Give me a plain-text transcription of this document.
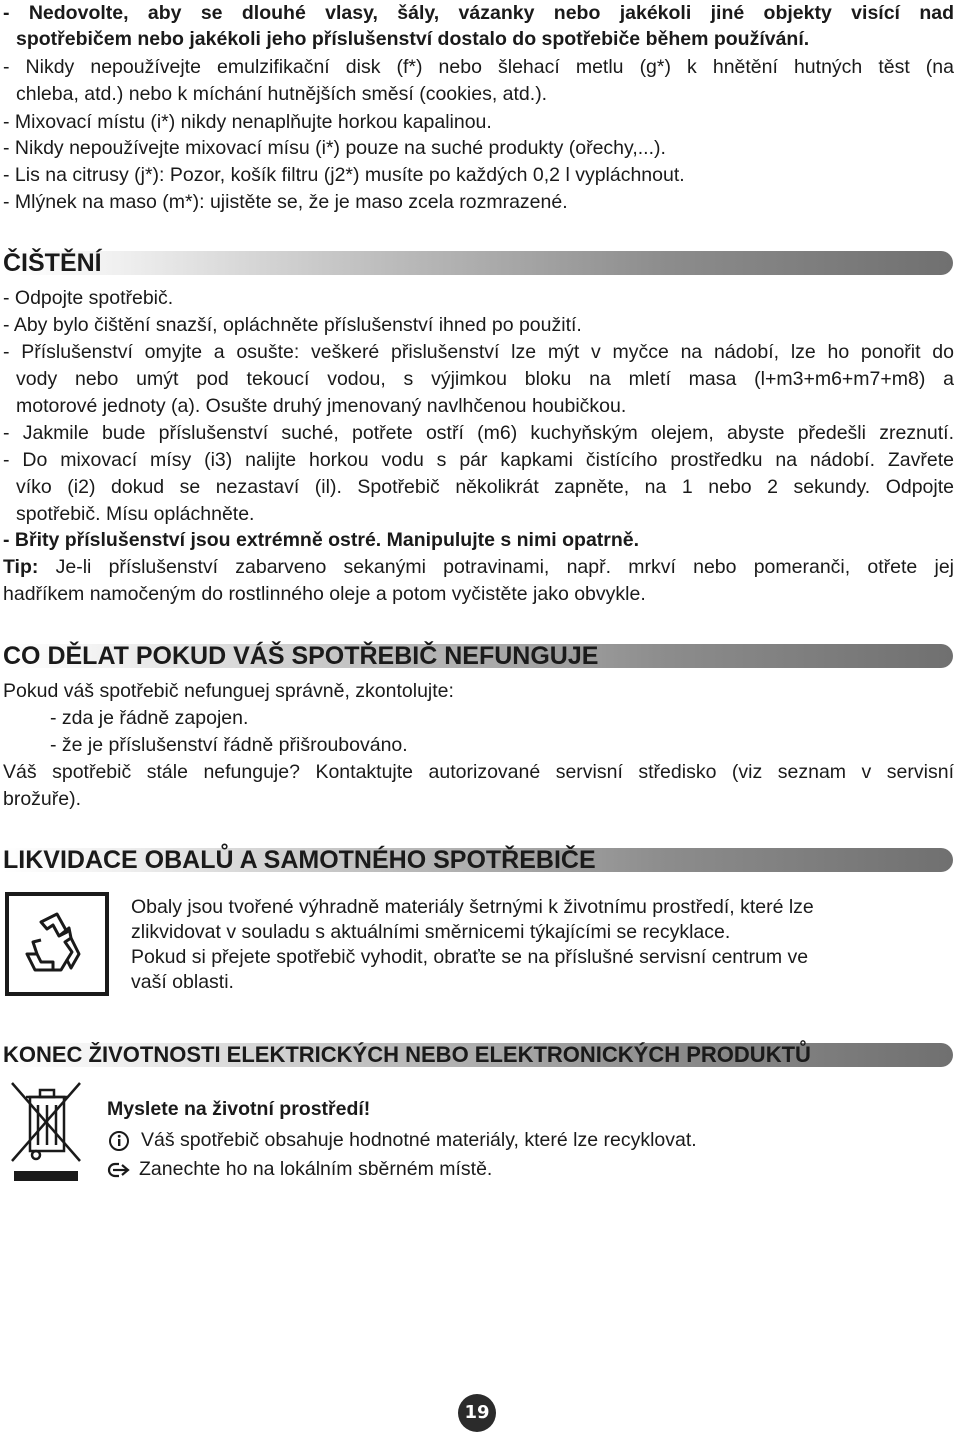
- Nedovolte, aby se dlouhé vlasy, šály, vázanky nebo jakékoli jiné objekty visící nad
spotřebičem nebo jakékoli jeho příslušenství dostalo do spotřebiče během používání.
- Nikdy nepoužívejte emulzifikační disk (f*) nebo šlehací metlu (g*) k hnětění hutných těst (na
chleba, atd.) nebo k míchání hutnějších směsí (cookies, atd.).
- Mixovací místu (i*) nikdy nenaplňujte horkou kapalinou.
- Nikdy nepoužívejte mixovací mísu (i*) pouze na suché produkty (ořechy,...).
- Lis na citrusy (j*): Pozor, košík filtru (j2*) musíte po každých 0,2 l vypláchnout.
- Mlýnek na maso (m*): ujistěte se, že je maso zcela rozmrazené.
ČIŠTĚNÍ
- Odpojte spotřebič.
- Aby bylo čištění snazší, opláchněte příslušenství ihned po použití.
- Příslušenství omyjte a osušte: veškeré přislušenství lze mýt v myčce na nádobí, lze ho ponořit do
vody nebo umýt pod tekoucí vodou, s výjimkou bloku na mletí masa (l+m3+m6+m7+m8) a
motorové jednoty (a). Osušte druhý jmenovaný navlhčenou houbičkou.
- Jakmile bude příslušenství suché, potřete ostří (m6) kuchyňským olejem, abyste předešli zreznutí.
- Do mixovací mísy (i3) nalijte horkou vodu s pár kapkami čistícího prostředku na nádobí. Zavřete
víko (i2) dokud se nezastaví (il). Spotřebič několikrát zapněte, na 1 nebo 2 sekundy. Odpojte
spotřebič. Mísu opláchněte.
- Břity příslušenství jsou extrémně ostré. Manipulujte s nimi opatrně.
Tip: Je-li příslušenství zabarveno sekanými potravinami, např. mrkví nebo pomeranči, otřete jej
hadříkem namočeným do rostlinného oleje a potom vyčistěte jako obvykle.
CO DĚLAT POKUD VÁŠ SPOTŘEBIČ NEFUNGUJE
Pokud váš spotřebič nefunguej správně, zkontolujte:
- zda je řádně zapojen.
- že je příslušenství řádně přišroubováno.
Váš spotřebič stále nefunguje? Kontaktujte autorizované servisní středisko (viz seznam v servisní
brožuře).
LIKVIDACE OBALŮ A SAMOTNÉHO SPOTŘEBIČE
Obaly jsou tvořené výhradně materiály šetrnými k životnímu prostředí, které lze
zlikvidovat v souladu s aktuálními směrnicemi týkajícími se recyklace.
Pokud si přejete spotřebič vyhodit, obraťte se na příslušné servisní centrum ve
vaší oblasti.
KONEC ŽIVOTNOSTI ELEKTRICKÝCH NEBO ELEKTRONICKÝCH PRODUKTŮ
Myslete na životní prostředí!
Váš spotřebič obsahuje hodnotné materiály, které lze recyklovat.
Zanechte ho na lokálním sběrném místě.
19
